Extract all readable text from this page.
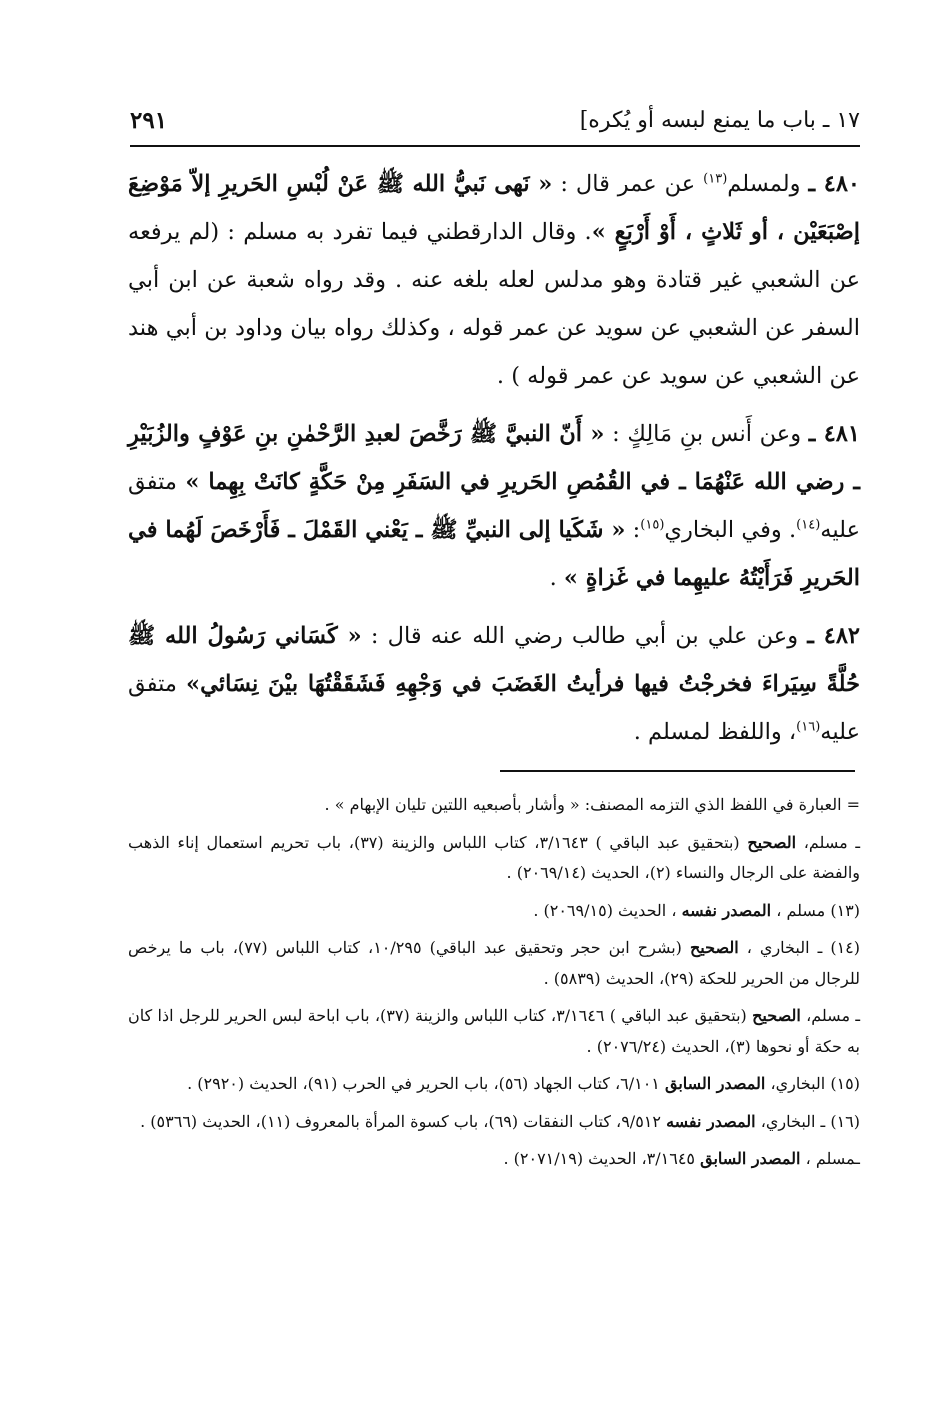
١٧ ـ باب ما يمنع لبسه أو يُكره]
٢٩١

٤٨٠ ـ ولمسلم$^{(١٣)}$ عن عمر قال : « نَهى نَبيُّ الله ﷺ عَنْ لُبْسِ الحَريرِ إلاّ مَوْضِعَ إصْبَعَيْن ، أو ثَلاثٍ ، أَوْ أَرْبَعٍ ». وقال الدارقطني فيما تفرد به مسلم : (لم يرفعه عن الشعبي غير قتادة وهو مدلس لعله بلغه عنه . وقد رواه شعبة عن ابن أبي السفر عن الشعبي عن سويد عن عمر قوله ، وكذلك رواه بيان وداود بن أبي هند عن الشعبي عن سويد عن عمر قوله ) .

٤٨١ ـ وعن أَنس بنِ مَالِكٍ : « أَنّ النبيَّ ﷺ رَخَّصَ لعبدِ الرَّحْمٰنِ بنِ عَوْفٍ والزُبَيْرِ ـ رضي الله عَنْهُمَا ـ في القُمُصِ الحَريرِ في السَفَرِ مِنْ حَكَّةٍ كانَتْ بِهِما » متفق عليه$^{(١٤)}$. وفي البخاري$^{(١٥)}$: « شَكَيا إلى النبيِّ ﷺ ـ يَعْني القَمْلَ ـ فَأَرْخَصَ لَهُما في الحَريرِ فَرَأَيْتُهُ عليهِما في غَزاةٍ » .

٤٨٢ ـ وعن علي بن أبي طالب رضي الله عنه قال : « كَسَاني رَسُولُ الله ﷺ حُلَّةً سِيَراءَ فخرجْتُ فيها فرأيتُ الغَضَبَ في وَجْهِهِ فَشَقَقْتُهَا بيْنَ نِسَائي» متفق عليه$^{(١٦)}$، واللفظ لمسلم .

= العبارة في اللفظ الذي التزمه المصنف: « وأشار بأصبعيه اللتين تليان الإبهام » .

ـ مسلم، الصحيح (بتحقيق عبد الباقي ) ٣/١٦٤٣، كتاب اللباس والزينة (٣٧)، باب تحريم استعمال إناء الذهب والفضة على الرجال والنساء (٢)، الحديث (٢٠٦٩/١٤) .

(١٣) مسلم ، المصدر نفسه ، الحديث (٢٠٦٩/١٥) .

(١٤) ـ البخاري ، الصحيح (بشرح ابن حجر وتحقيق عبد الباقي) ١٠/٢٩٥، كتاب اللباس (٧٧)، باب ما يرخص للرجال من الحرير للحكة (٢٩)، الحديث (٥٨٣٩) .

ـ مسلم، الصحيح (بتحقيق عبد الباقي ) ٣/١٦٤٦، كتاب اللباس والزينة (٣٧)، باب اباحة لبس الحرير للرجل اذا كان به حكة أو نحوها (٣)، الحديث (٢٠٧٦/٢٤) .

(١٥) البخاري، المصدر السابق ٦/١٠١، كتاب الجهاد (٥٦)، باب الحرير في الحرب (٩١)، الحديث (٢٩٢٠) .

(١٦) ـ البخاري، المصدر نفسه ٩/٥١٢، كتاب النفقات (٦٩)، باب كسوة المرأة بالمعروف (١١)، الحديث (٥٣٦٦) .

ـمسلم ، المصدر السابق ٣/١٦٤٥، الحديث (٢٠٧١/١٩) .
